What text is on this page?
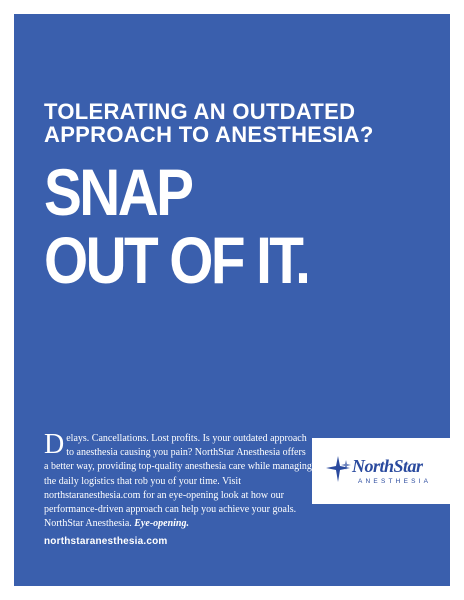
TOLERATING AN OUTDATED
APPROACH TO ANESTHESIA?
SNAP
OUT OF IT.

Delays. Cancellations. Lost profits. Is your outdated approach to anesthesia causing you pain? NorthStar Anesthesia offers a better way, providing top-quality anesthesia care while managing the daily logistics that rob you of your time. Visit northstaranesthesia.com for an eye-opening look at how our performance-driven approach can help you achieve your goals. NorthStar Anesthesia. Eye-opening.

northstaranesthesia.com
NorthStar
ANESTHESIA
